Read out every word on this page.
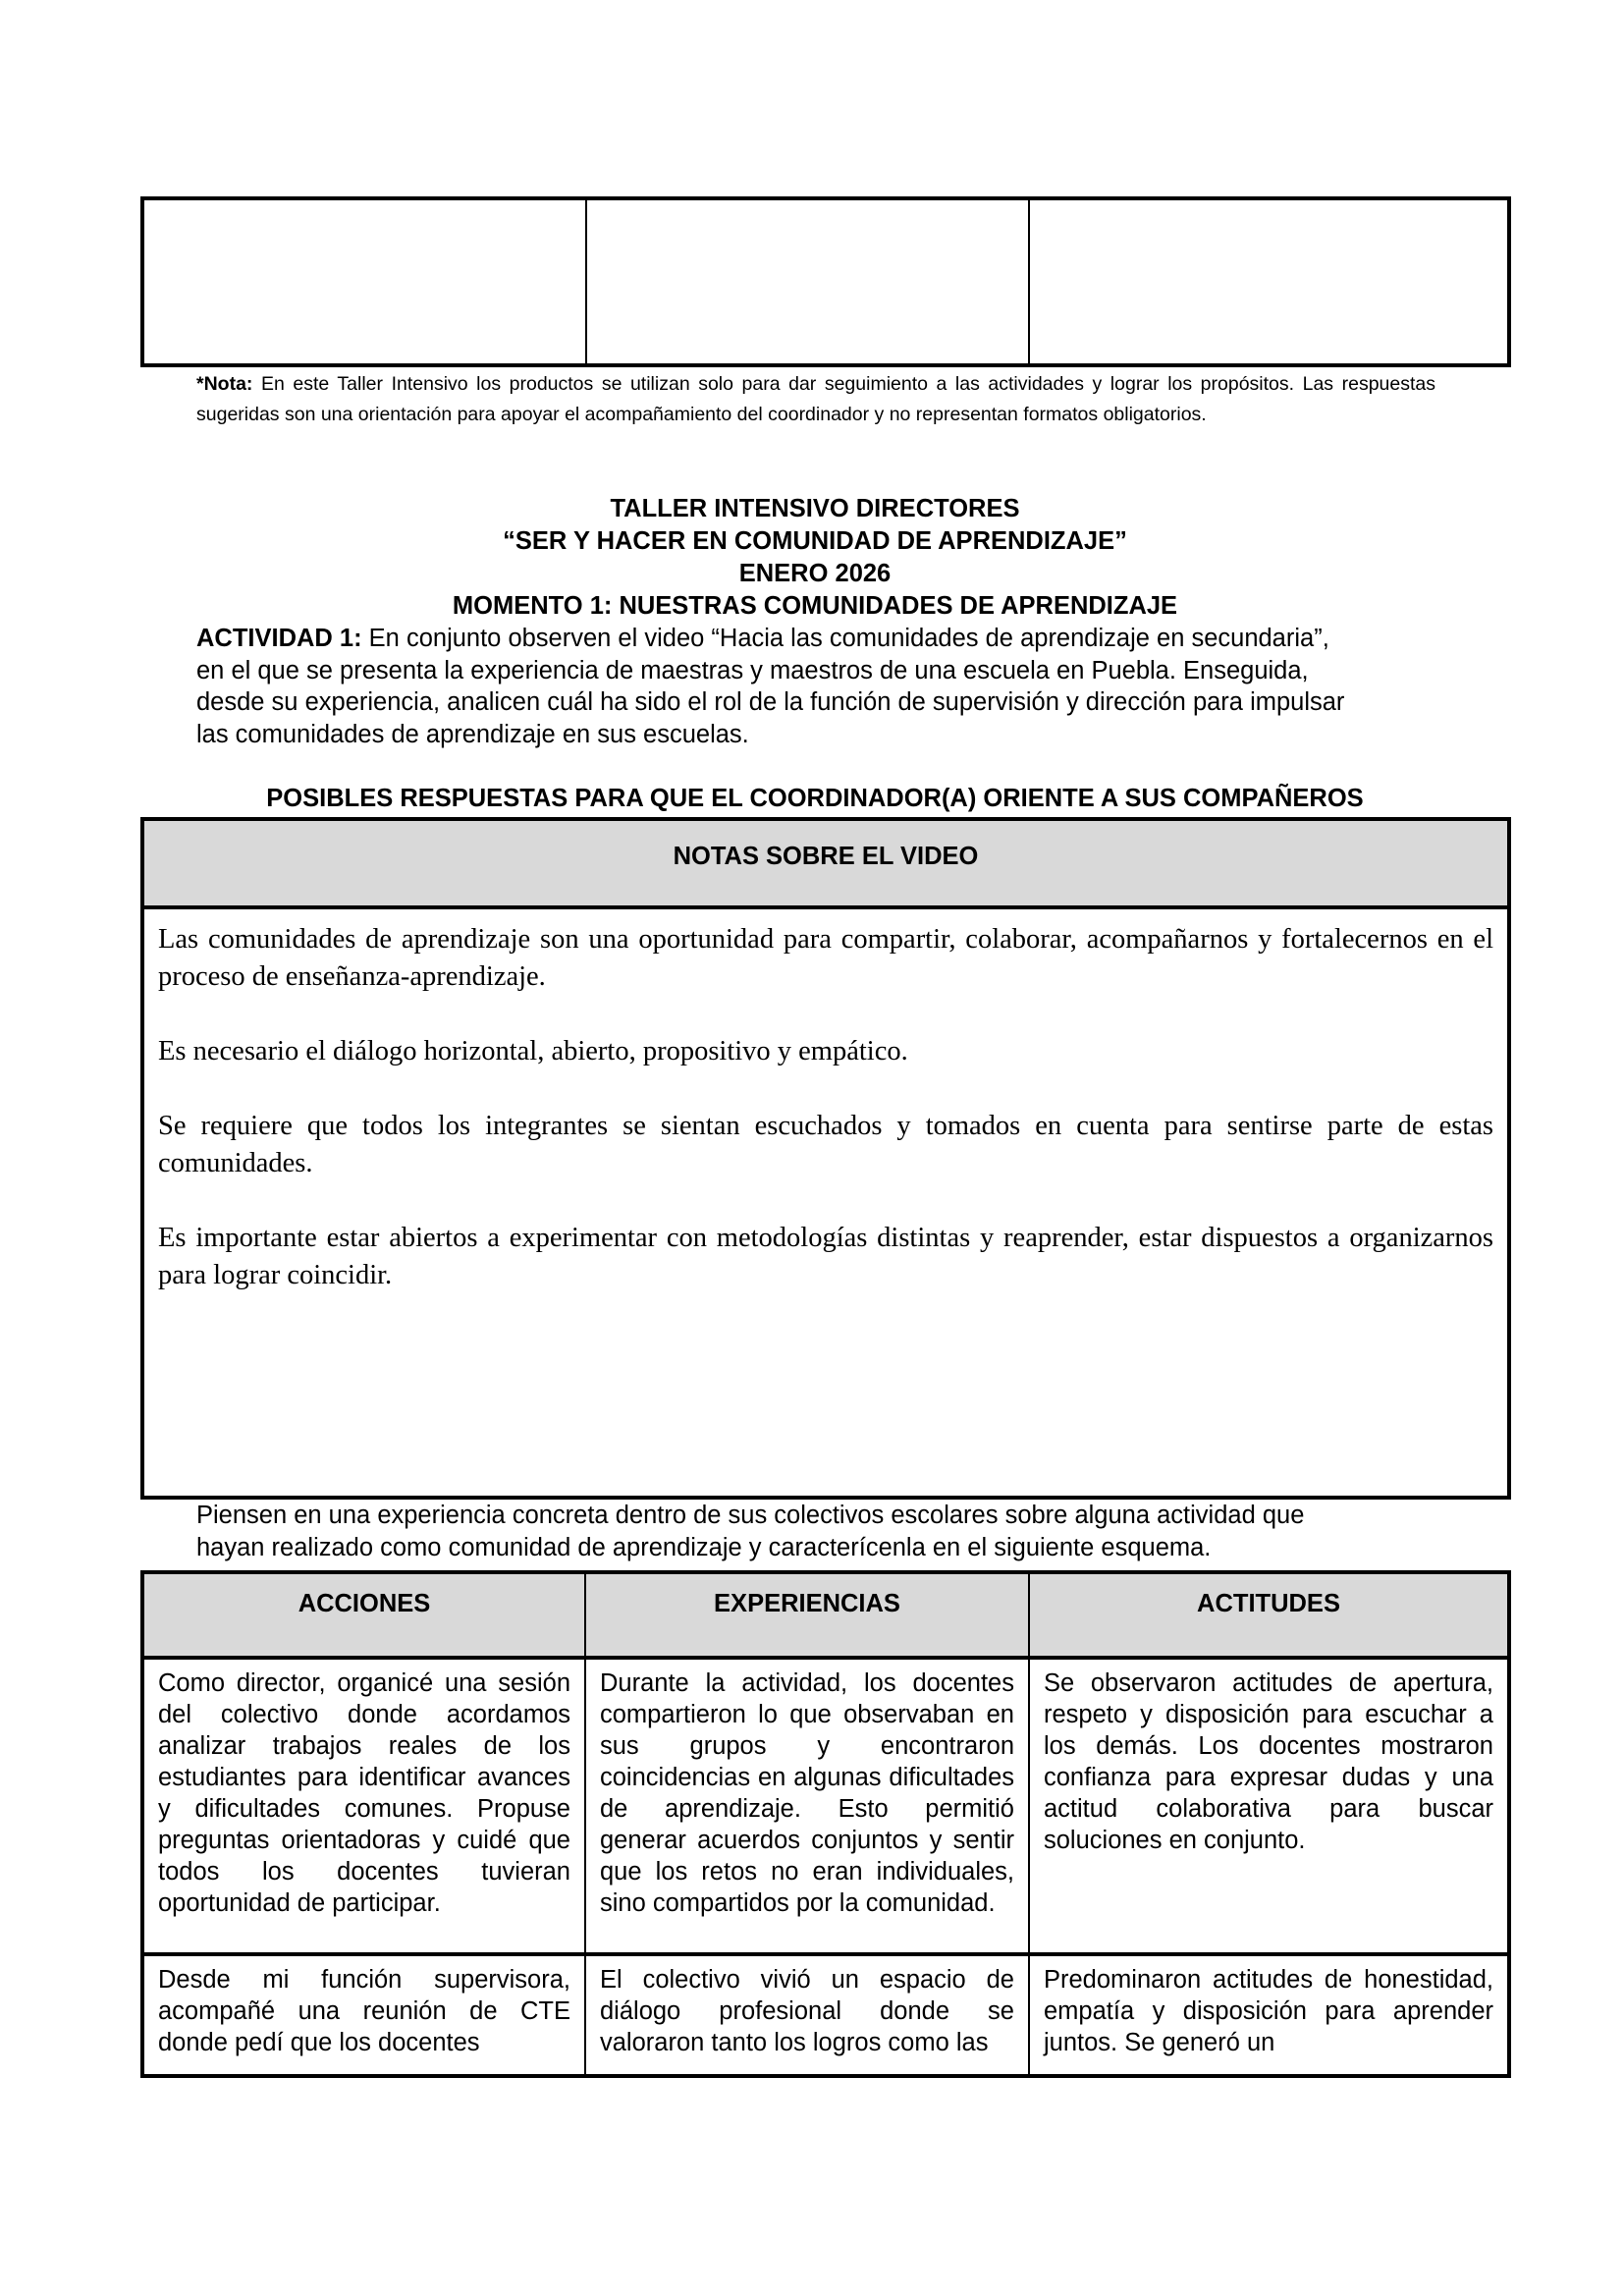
*Nota: En este Taller Intensivo los productos se utilizan solo para dar seguimiento a las actividades y lograr los propósitos. Las respuestas sugeridas son una orientación para apoyar el acompañamiento del coordinador y no representan formatos obligatorios.
TALLER INTENSIVO DIRECTORES
“SER Y HACER EN COMUNIDAD DE APRENDIZAJE”
ENERO 2026
MOMENTO 1: NUESTRAS COMUNIDADES DE APRENDIZAJE
ACTIVIDAD 1: En conjunto observen el video “Hacia las comunidades de aprendizaje en secundaria”,
en el que se presenta la experiencia de maestras y maestros de una escuela en Puebla. Enseguida,
desde su experiencia, analicen cuál ha sido el rol de la función de supervisión y dirección para impulsar
las comunidades de aprendizaje en sus escuelas.
POSIBLES RESPUESTAS PARA QUE EL COORDINADOR(A) ORIENTE A SUS COMPAÑEROS
NOTAS SOBRE EL VIDEO

Las comunidades de aprendizaje son una oportunidad para compartir, colaborar, acompañarnos y fortalecernos en el proceso de enseñanza-aprendizaje.

Es necesario el diálogo horizontal, abierto, propositivo y empático.

Se requiere que todos los integrantes se sientan escuchados y tomados en cuenta para sentirse parte de estas comunidades.

Es importante estar abiertos a experimentar con metodologías distintas y reaprender, estar dispuestos a organizarnos para lograr coincidir.

Piensen en una experiencia concreta dentro de sus colectivos escolares sobre alguna actividad que
hayan realizado como comunidad de aprendizaje y caracterícenla en el siguiente esquema.
ACCIONES	EXPERIENCIAS	ACTITUDES
Como director, organicé una sesión del colectivo donde acordamos analizar trabajos reales de los estudiantes para identificar avances y dificultades comunes. Propuse preguntas orientadoras y cuidé que todos los docentes tuvieran oportunidad de participar.
Durante la actividad, los docentes compartieron lo que observaban en sus grupos y encontraron coincidencias en algunas dificultades de aprendizaje. Esto permitió generar acuerdos conjuntos y sentir que los retos no eran individuales, sino compartidos por la comunidad.
Se observaron actitudes de apertura, respeto y disposición para escuchar a los demás. Los docentes mostraron confianza para expresar dudas y una actitud colaborativa para buscar soluciones en conjunto.
Desde mi función supervisora, acompañé una reunión de CTE donde pedí que los docentes
El colectivo vivió un espacio de diálogo profesional donde se valoraron tanto los logros como las
Predominaron actitudes de honestidad, empatía y disposición para aprender juntos. Se generó un
